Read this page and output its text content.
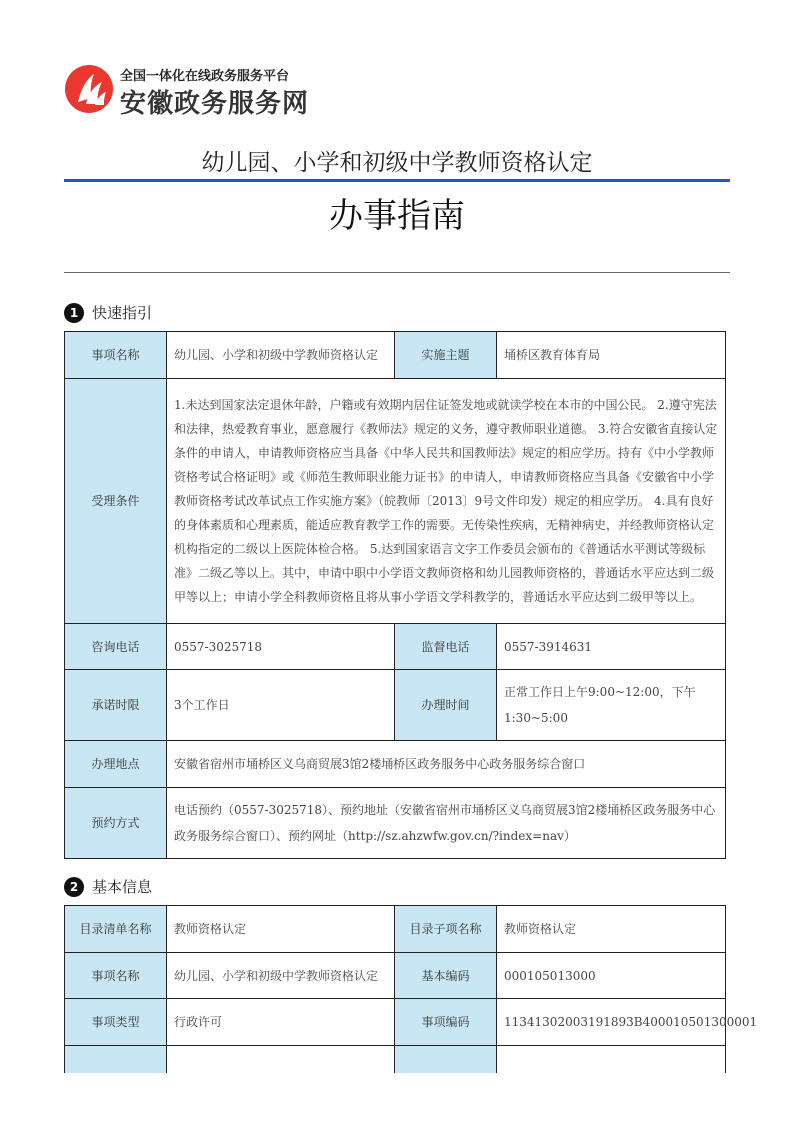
全国一体化在线政务服务平台
安徽政务服务网
幼儿园、小学和初级中学教师资格认定
办事指南
1 快速指引
事项名称	幼儿园、小学和初级中学教师资格认定	实施主题	埇桥区教育体育局
受理条件	1.未达到国家法定退休年龄，户籍或有效期内居住证签发地或就读学校在本市的中国公民。 2.遵守宪法和法律，热爱教育事业，愿意履行《教师法》规定的义务，遵守教师职业道德。 3.符合安徽省直接认定条件的申请人，申请教师资格应当具备《中华人民共和国教师法》规定的相应学历。持有《中小学教师资格考试合格证明》或《师范生教师职业能力证书》的申请人，申请教师资格应当具备《安徽省中小学教师资格考试改革试点工作实施方案》（皖教师〔2013〕9号文件印发）规定的相应学历。 4.具有良好的身体素质和心理素质，能适应教育教学工作的需要。无传染性疾病，无精神病史，并经教师资格认定机构指定的二级以上医院体检合格。 5.达到国家语言文字工作委员会颁布的《普通话水平测试等级标准》二级乙等以上。其中，申请中职中小学语文教师资格和幼儿园教师资格的，普通话水平应达到二级甲等以上；申请小学全科教师资格且将从事小学语文学科教学的，普通话水平应达到二级甲等以上。		
咨询电话	0557-3025718	监督电话	0557-3914631
承诺时限	3个工作日	办理时间	正常工作日上午9:00~12:00，下午1:30~5:00
办理地点	安徽省宿州市埇桥区义乌商贸展3馆2楼埇桥区政务服务中心政务服务综合窗口		
预约方式	电话预约（0557-3025718）、预约地址（安徽省宿州市埇桥区义乌商贸展3馆2楼埇桥区政务服务中心政务服务综合窗口）、预约网址（http://sz.ahzwfw.gov.cn/?index=nav）		
2 基本信息
目录清单名称	教师资格认定	目录子项名称	教师资格认定
事项名称	幼儿园、小学和初级中学教师资格认定	基本编码	000105013000
事项类型	行政许可	事项编码	11341302003191893B400010501300001
